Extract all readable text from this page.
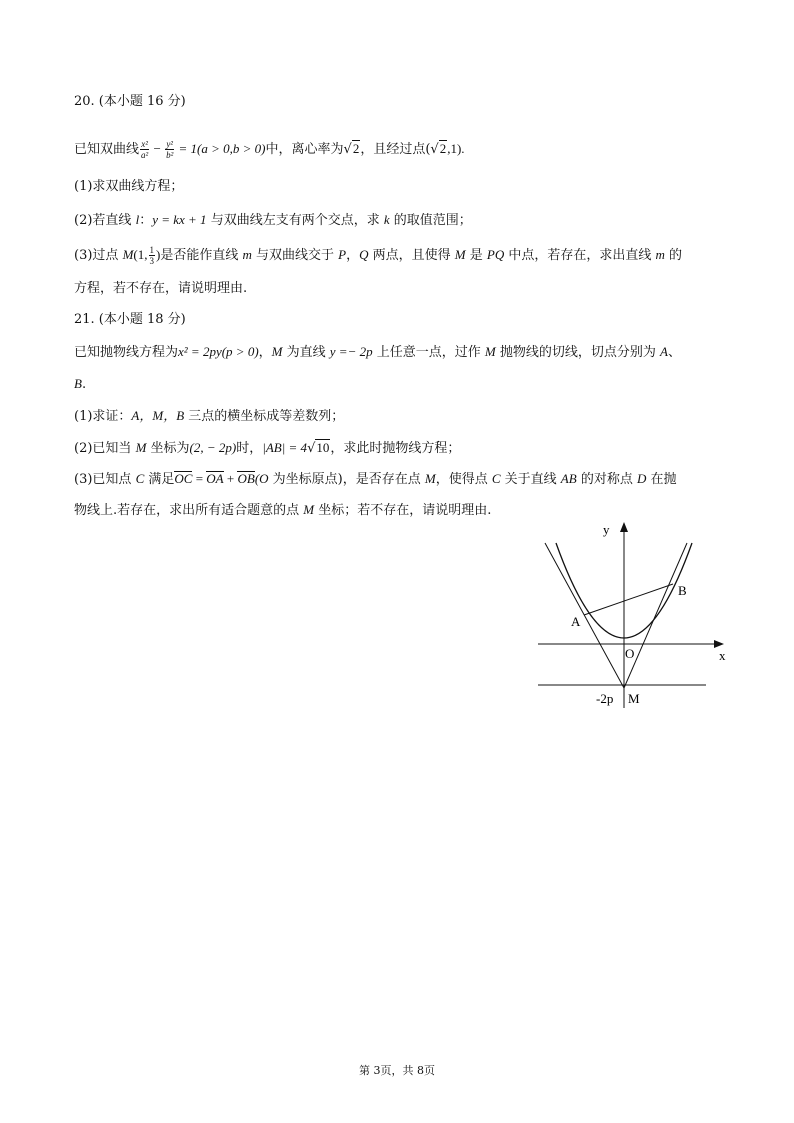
20. (本小题 16 分)
已知双曲线 $\frac{\text{x²}}{\text{a²}} - \frac{\text{y²}}{\text{b²}} = 1(a > 0,b > 0)$中，离心率为√2，且经过点(√2,1).
(1)求双曲线方程；
(2)若直线 l：y = kx + 1 与双曲线左支有两个交点，求 k 的取值范围；
(3)过点 M(1, $\frac{1}{3}$ )是否能作直线 m 与双曲线交于 P，Q 两点，且使得 M 是 PQ 中点，若存在，求出直线 m 的
方程，若不存在，请说明理由.
21. (本小题 18 分)
已知抛物线方程为x² = 2py(p > 0)，M 为直线 y =− 2p 上任意一点，过作 M 抛物线的切线，切点分别为 A、
B.
(1)求证：A，M，B 三点的横坐标成等差数列；
(2)已知当 M 坐标为(2, − 2p)时，|AB| = 4√10，求此时抛物线方程；
(3)已知点 C 满足OC = OA + OB(O 为坐标原点)，是否存在点 M，使得点 C 关于直线 AB 的对称点 D 在抛
物线上.若存在，求出所有适合题意的点 M 坐标；若不存在，请说明理由.
y
x
A
B
O
M
-2p
第 3页，共 8页
